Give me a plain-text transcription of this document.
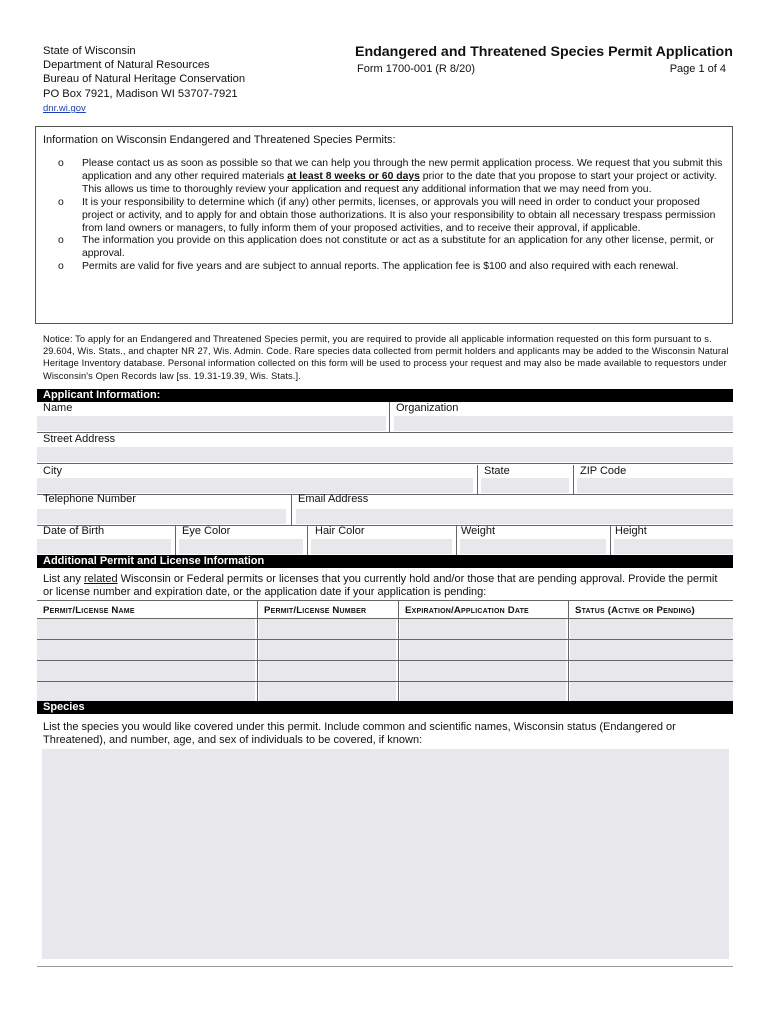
State of Wisconsin
Department of Natural Resources
Bureau of Natural Heritage Conservation
PO Box 7921, Madison WI 53707-7921
dnr.wi.gov
Endangered and Threatened Species Permit Application
Form 1700-001 (R 8/20)	Page 1 of 4
Information on Wisconsin Endangered and Threatened Species Permits:
o	Please contact us as soon as possible so that we can help you through the new permit application process. We request that you submit this application and any other required materials at least 8 weeks or 60 days prior to the date that you propose to start your project or activity. This allows us time to thoroughly review your application and request any additional information that we may need from you.
o	It is your responsibility to determine which (if any) other permits, licenses, or approvals you will need in order to conduct your proposed project or activity, and to apply for and obtain those authorizations. It is also your responsibility to obtain all necessary trespass permission from land owners or managers, to fully inform them of your proposed activities, and to receive their approval, if applicable.
o	The information you provide on this application does not constitute or act as a substitute for an application for any other license, permit, or approval.
o	Permits are valid for five years and are subject to annual reports. The application fee is $100 and also required with each renewal.
Notice: To apply for an Endangered and Threatened Species permit, you are required to provide all applicable information requested on this form pursuant to s. 29.604, Wis. Stats., and chapter NR 27, Wis. Admin. Code. Rare species data collected from permit holders and applicants may be added to the Wisconsin Natural Heritage Inventory database. Personal information collected on this form will be used to process your request and may also be made available to requestors under Wisconsin's Open Records law [ss. 19.31-19.39, Wis. Stats.].
Applicant Information:
Name	Organization
Street Address
City	State	ZIP Code
Telephone Number	Email Address
Date of Birth	Eye Color	Hair Color	Weight	Height
Additional Permit and License Information
List any related Wisconsin or Federal permits or licenses that you currently hold and/or those that are pending approval. Provide the permit or license number and expiration date, or the application date if your application is pending:
Permit/License Name	Permit/License Number	Expiration/Application Date	Status (Active or Pending)
Species
List the species you would like covered under this permit. Include common and scientific names, Wisconsin status (Endangered or Threatened), and number, age, and sex of individuals to be covered, if known:
